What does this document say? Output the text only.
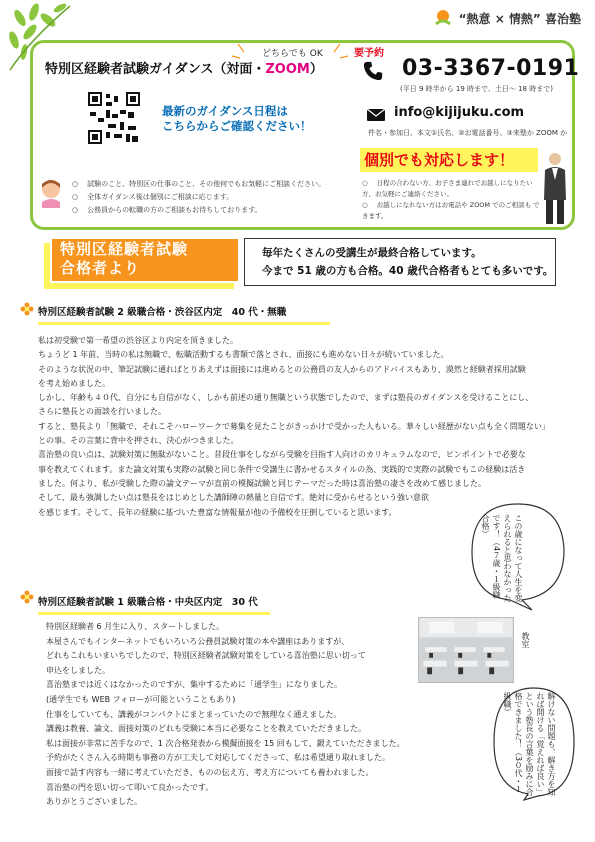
“熱意 × 情熱” 喜治塾
どちらでも OK
特別区経験者試験ガイダンス（対面・ZOOM）
要予約
03-3367-0191
(平日 9 時半から 19 時まで、土日～ 18 時まで)
最新のガイダンス日程は
こちらからご確認ください！
info@kijijuku.com
件名・参加日、本文①氏名、②お電話番号、③来塾か ZOOM か
個別でも対応します！
○ 試験のこと、特別区の仕事のこと、その他何でもお気軽にご相談ください。
○ 全体ガイダンス後は個別にご相談に応じます。
○ 公務員からの転職の方のご相談もお待ちしております。
○ 日程の合わない方、お子さま連れでお越しになりたい方、お気軽にご連絡ください。
○ お越しになれない方はお電話や ZOOM でのご相談も できます。
特別区経験者試験
合格者より
毎年たくさんの受講生が最終合格しています。
今まで 51 歳の方も合格。40 歳代合格者もとても多いです。
特別区経験者試験 2 級職合格・渋谷区内定　40 代・無職

私は初受験で第一希望の渋谷区より内定を頂きました。

ちょうど 1 年前、当時の私は無職で、転職活動するも書類で落とされ、面接にも進めない日々が続いていました。

そのような状況の中、筆記試験に通ればとりあえずは面接には進めるとの公務員の友人からのアドバイスもあり、漠然と経験者採用試験

を考え始めました。

しかし、年齢も４０代、自分にも自信がなく、しかも前述の通り無職という状態でしたので、まずは塾長のガイダンスを受けることにし、

さらに塾長との面談を行いました。

すると、塾長より「無職で、それこそハローワークで募集を見たことがきっかけで受かった人もいる。華々しい経歴がない点も全く問題ない」

との事。その言葉に背中を押され、決心がつきました。

喜治塾の良い点は、試験対策に無駄がないこと。昔段仕事をしながら受験を目指す人向けのカリキュラムなので、ピンポイントで必要な

事を教えてくれます。また論文対策も実際の試験と同じ条件で受講生に書かせるスタイルの為、実践的で実際の試験でもこの経験は活き

ました。何より、私が受験した際の論文テーマが直前の模擬試験と同じテーマだった時は喜治塾の凄さを改めて感じました。

そして、最も強調したい点は塾長をはじめとした講師陣の熱量と自信です。絶対に受からせるという強い意欲

を感じます。そして、長年の経験に基づいた豊富な情報量が他の予備校を圧倒していると思います。

この歳になって人生を変えられると思わなかったです！（4７歳・１級職合格）
特別区経験者試験 1 級職合格・中央区内定　30 代

特別区経験者 6 月生に入り、スタートしました。

本屋さんでもインターネットでもいろいろ公務員試験対策の本や講座はありますが、

どれもこれもいまいちでしたので、特別区経験者試験対策をしている喜治塾に思い切って

申込をしました。

喜治塾までは近くはなかったのですが、集中するために「通学生」になりました。

(通学生でも WEB フォローが可能ということもあり)

仕事をしていても、講義がコンパクトにまとまっていたので無理なく通えました。

講義は教養、論文、面接対策のどれも受験に本当に必要なことを教えていただきました。

私は面接が非常に苦手なので、1 次合格発表から模擬面接を 15 回もして、鍛えていただきました。

予約がたくさん入る時期も事務の方が工夫して対応してくださって、私は希望通り取れました。

面接で話す内容も一緒に考えていただき、ものの伝え方、考え方についても養われました。

喜治塾の門を思い切って叩いて良かったです。

ありがとうございました。

教室
解けない問題も、解き方を知れば開ける「覚えれば良い」という塾長の言葉を励みに合格できました！（3０代・１級職）
